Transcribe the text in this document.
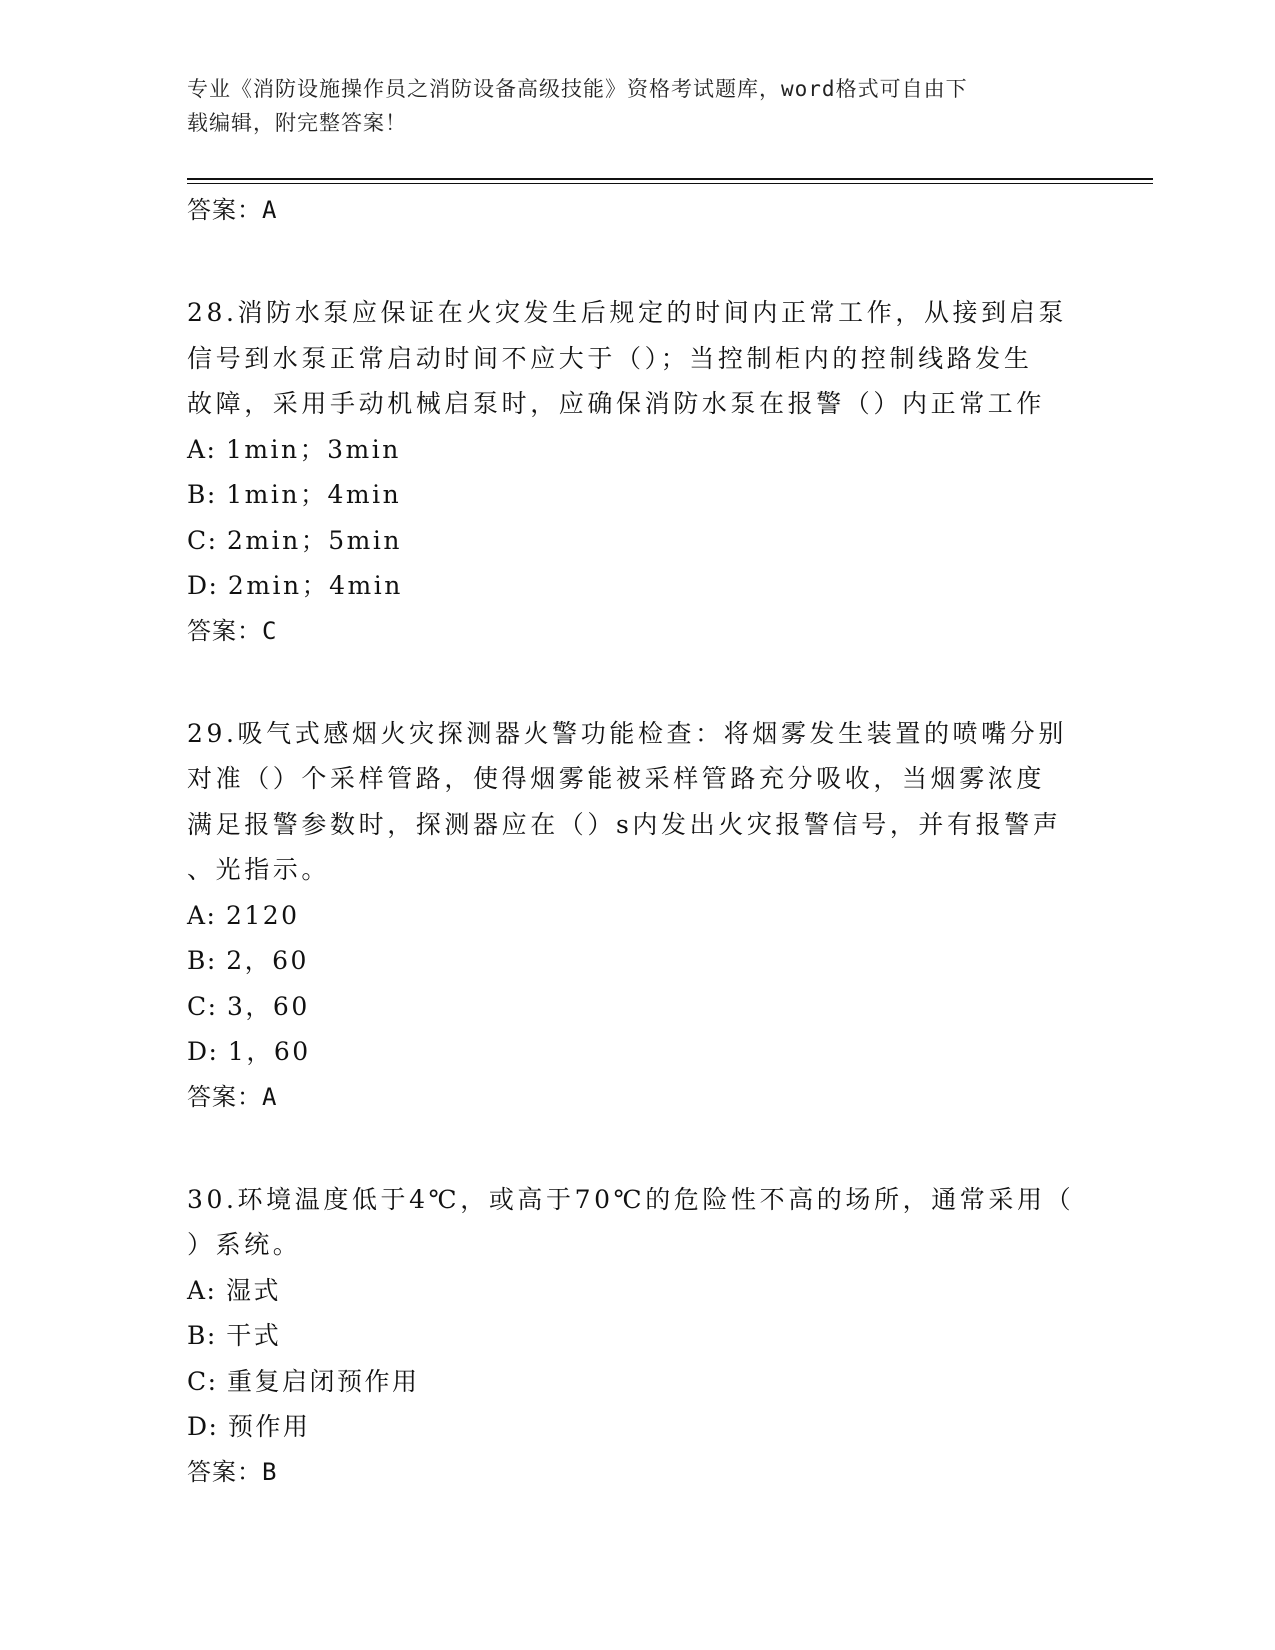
专业《消防设施操作员之消防设备高级技能》资格考试题库，word格式可自由下
载编辑，附完整答案！
答案：A
28.消防水泵应保证在火灾发生后规定的时间内正常工作，从接到启泵
信号到水泵正常启动时间不应大于（）；当控制柜内的控制线路发生
故障，采用手动机械启泵时，应确保消防水泵在报警（）内正常工作
A: 1min；3min
B: 1min；4min
C: 2min；5min
D: 2min；4min
答案：C
29.吸气式感烟火灾探测器火警功能检查：将烟雾发生装置的喷嘴分别
对准（）个采样管路，使得烟雾能被采样管路充分吸收，当烟雾浓度
满足报警参数时，探测器应在（）s内发出火灾报警信号，并有报警声
、光指示。
A: 2120
B: 2，60
C: 3，60
D: 1，60
答案：A
30.环境温度低于4℃，或高于70℃的危险性不高的场所，通常采用（
）系统。
A: 湿式
B: 干式
C: 重复启闭预作用
D: 预作用
答案：B
